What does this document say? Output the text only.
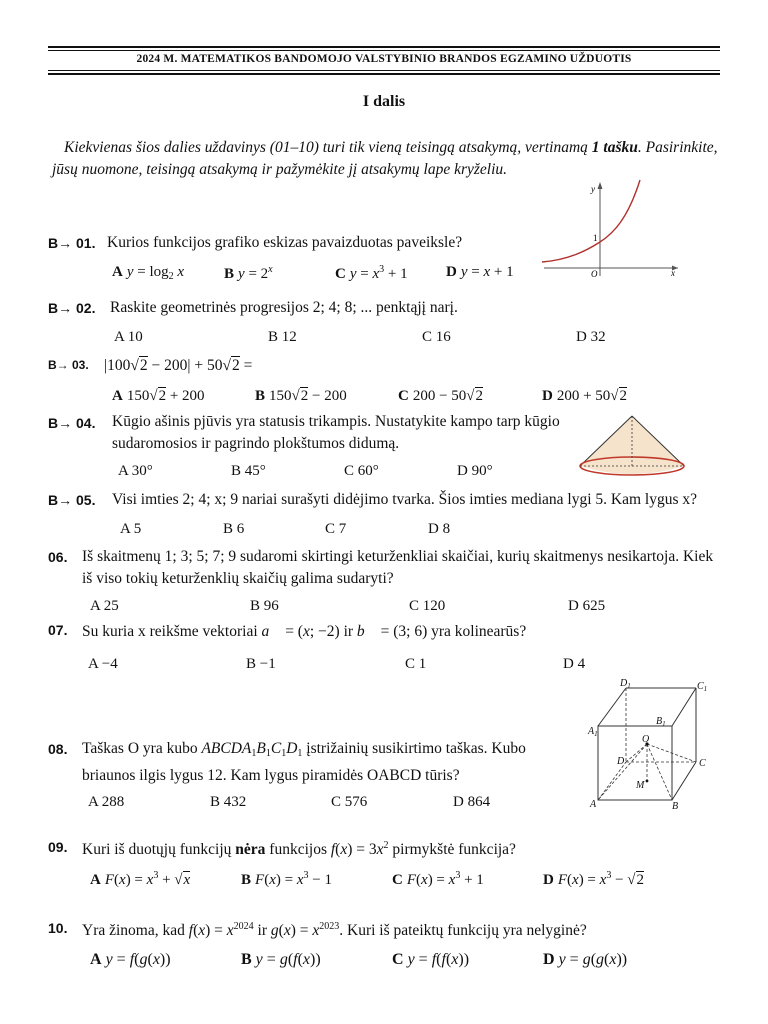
2024 M. MATEMATIKOS BANDOMOJO VALSTYBINIO BRANDOS EGZAMINO UŽDUOTIS
I dalis
Kiekvienas šios dalies uždavinys (01–10) turi tik vieną teisingą atsakymą, vertinamą 1 tašku. Pasirinkite, jūsų nuomone, teisingą atsakymą ir pažymėkite jį atsakymų lape kryželiu.
B→ 01. Kurios funkcijos grafiko eskizas pavaizduotas paveiksle?
A $y = \log_2 x$	B $y = 2^x$	C $y = x^3 + 1$	D y = x + 1
y
x
O
1
B→ 02. Raskite geometrinės progresijos 2; 4; 8; ... penktąjį narį.
A 10	B 12	C 16	D 32
B→ 03. |100√2 − 200| + 50√2 =
A 150√2 + 200	B 150√2 − 200	C 200 − 50√2	D 200 + 50√2
B→ 04. Kūgio ašinis pjūvis yra statusis trikampis. Nustatykite kampo tarp kūgio sudaromosios ir pagrindo plokštumos didumą.
A 30°	B 45°	C 60°	D 90°
B→ 05. Visi imties 2; 4; x; 9 nariai surašyti didėjimo tvarka. Šios imties mediana lygi 5. Kam lygus x?
A 5	B 6	C 7	D 8
06. Iš skaitmenų 1; 3; 5; 7; 9 sudaromi skirtingi keturženkliai skaičiai, kurių skaitmenys nesikartoja. Kiek iš viso tokių keturženklių skaičių galima sudaryti?
A 25	B 96	C 120	D 625
07. Su kuria x reikšme vektoriai a⃗ = (x; −2) ir b⃗ = (3; 6) yra kolinearūs?
A −4	B −1	C 1	D 4
08. Taškas O yra kubo $ABCDA_1B_1C_1D_1$ įstrižainių susikirtimo taškas. Kubo briaunos ilgis lygus 12. Kam lygus piramidės OABCD tūris?
A 288	B 432	C 576	D 864
$D_1$	$C_1$
$A_1$
$B_1$
O
D	C
A	B
M
09. Kuri iš duotųjų funkcijų nėra funkcijos $f(x) = 3x^2$ pirmykštė funkcija?
A $F(x) = x^3 + √x$	B $F(x) = x^3 - 1$	C $F(x) = x^3 + 1$	D $F(x) = x^3 - √2$
10. Yra žinoma, kad $f(x) = x^{2024}$ ir $g(x) = x^{2023}$. Kuri iš pateiktų funkcijų yra nelyginė?
A y = f(g(x))	B y = g(f(x))	C y = f(f(x))	D y = g(g(x))
